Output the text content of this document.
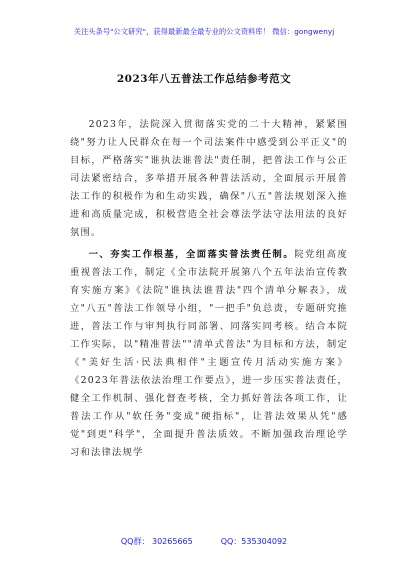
关注头条号"公文研究"，获得最新最全最专业的公文资料库！ 微信：gongwenyj
2023年八五普法工作总结参考范文

2023年，法院深入贯彻落实党的二十大精神，紧紧围绕"努力让人民群众在每一个司法案件中感受到公平正义"的目标，严格落实"谁执法谁普法"责任制，把普法工作与公正司法紧密结合，多举措开展各种普法活动，全面展示开展普法工作的积极作为和生动实践，确保"八五"普法规划深入推进和高质量完成，积极营造全社会尊法学法守法用法的良好氛围。

一、夯实工作根基，全面落实普法责任制。院党组高度重视普法工作，制定《全市法院开展第八个五年法治宣传教育实施方案》《法院"谁执法谁普法"四个清单分解表》，成立"八五"普法工作领导小组，"一把手"负总责，专题研究推进，普法工作与审判执行同部署、同落实同考核。结合本院工作实际，以"精准普法""清单式普法"为目标和方法，制定《"美好生活·民法典相伴"主题宣传月活动实施方案》《2023年普法依法治理工作要点》，进一步压实普法责任，健全工作机制、强化督查考核，全力抓好普法各项工作，让普法工作从"软任务"变成"硬指标"，让普法效果从凭"感觉"到更"科学"，全面提升普法质效。不断加强政治理论学习和法律法规学

QQ群： 30265665	QQ：535304092
